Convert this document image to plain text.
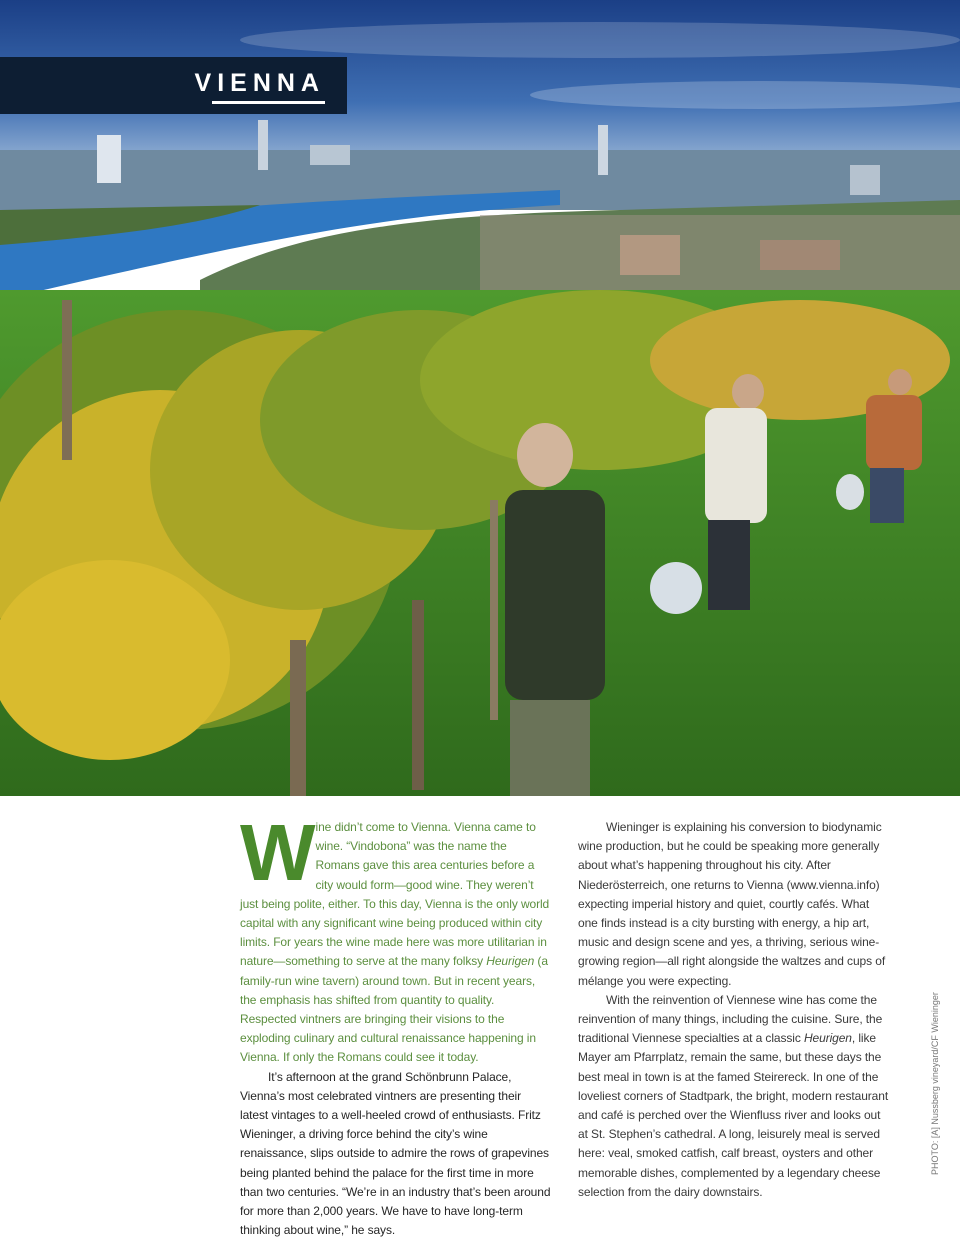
VIENNA

Wine didn’t come to Vienna. Vienna came to wine. “Vindobona” was the name the Romans gave this area centuries before a city would form—good wine. They weren’t just being polite, either. To this day, Vienna is the only world capital with any significant wine being produced within city limits. For years the wine made here was more utilitarian in nature—something to serve at the many folksy Heurigen (a family-run wine tavern) around town. But in recent years, the emphasis has shifted from quantity to quality. Respected vintners are bringing their visions to the exploding culinary and cultural renaissance happening in Vienna. If only the Romans could see it today.

It’s afternoon at the grand Schönbrunn Palace, Vienna’s most celebrated vintners are presenting their latest vintages to a well-heeled crowd of enthusiasts. Fritz Wieninger, a driving force behind the city’s wine renaissance, slips outside to admire the rows of grapevines being planted behind the palace for the first time in more than two centuries. “We’re in an industry that’s been around for more than 2,000 years. We have to have long-term thinking about wine,” he says.

Wieninger is explaining his conversion to biodynamic wine production, but he could be speaking more generally about what’s happening throughout his city. After Niederösterreich, one returns to Vienna (www.vienna.info) expecting imperial history and quiet, courtly cafés. What one finds instead is a city bursting with energy, a hip art, music and design scene and yes, a thriving, serious wine-growing region—all right alongside the waltzes and cups of mélange you were expecting.

With the reinvention of Viennese wine has come the reinvention of many things, including the cuisine. Sure, the traditional Viennese specialties at a classic Heurigen, like Mayer am Pfarrplatz, remain the same, but these days the best meal in town is at the famed Steirereck. In one of the loveliest corners of Stadtpark, the bright, modern restaurant and café is perched over the Wienfluss river and looks out at St. Stephen’s cathedral. A long, leisurely meal is served here: veal, smoked catfish, calf breast, oysters and other memorable dishes, complemented by a legendary cheese selection from the dairy downstairs.

PHOTO: [A] Nussberg vineyard/CF Wieninger
